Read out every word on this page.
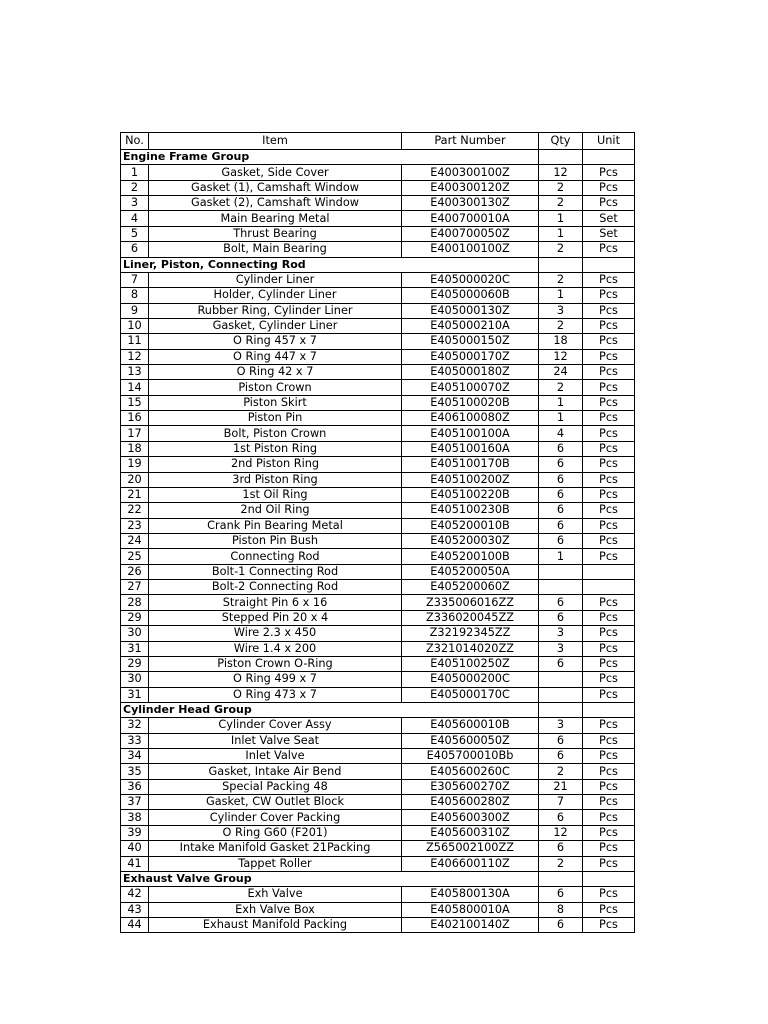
No.	Item	Part Number	Qty	Unit
Engine Frame Group				
1	Gasket, Side Cover	E400300100Z	12	Pcs
2	Gasket (1), Camshaft Window	E400300120Z	2	Pcs
3	Gasket (2), Camshaft Window	E400300130Z	2	Pcs
4	Main Bearing Metal	E400700010A	1	Set
5	Thrust Bearing	E400700050Z	1	Set
6	Bolt, Main Bearing	E400100100Z	2	Pcs
Liner, Piston, Connecting Rod				
7	Cylinder Liner	E405000020C	2	Pcs
8	Holder, Cylinder Liner	E405000060B	1	Pcs
9	Rubber Ring, Cylinder Liner	E405000130Z	3	Pcs
10	Gasket, Cylinder Liner	E405000210A	2	Pcs
11	O Ring 457 x 7	E405000150Z	18	Pcs
12	O Ring 447 x 7	E405000170Z	12	Pcs
13	O Ring 42 x 7	E405000180Z	24	Pcs
14	Piston Crown	E405100070Z	2	Pcs
15	Piston Skirt	E405100020B	1	Pcs
16	Piston Pin	E406100080Z	1	Pcs
17	Bolt, Piston Crown	E405100100A	4	Pcs
18	1st Piston Ring	E405100160A	6	Pcs
19	2nd Piston Ring	E405100170B	6	Pcs
20	3rd Piston Ring	E405100200Z	6	Pcs
21	1st Oil Ring	E405100220B	6	Pcs
22	2nd Oil Ring	E405100230B	6	Pcs
23	Crank Pin Bearing Metal	E405200010B	6	Pcs
24	Piston Pin Bush	E405200030Z	6	Pcs
25	Connecting Rod	E405200100B	1	Pcs
26	Bolt-1 Connecting Rod	E405200050A		
27	Bolt-2 Connecting Rod	E405200060Z		
28	Straight Pin 6 x 16	Z335006016ZZ	6	Pcs
29	Stepped Pin 20 x 4	Z336020045ZZ	6	Pcs
30	Wire 2.3 x 450	Z32192345ZZ	3	Pcs
31	Wire 1.4 x 200	Z321014020ZZ	3	Pcs
29	Piston Crown O-Ring	E405100250Z	6	Pcs
30	O Ring 499 x 7	E405000200C		Pcs
31	O Ring 473 x 7	E405000170C		Pcs
Cylinder Head Group				
32	Cylinder Cover Assy	E405600010B	3	Pcs
33	Inlet Valve Seat	E405600050Z	6	Pcs
34	Inlet Valve	E405700010Bb	6	Pcs
35	Gasket, Intake Air Bend	E405600260C	2	Pcs
36	Special Packing 48	E305600270Z	21	Pcs
37	Gasket, CW Outlet Block	E405600280Z	7	Pcs
38	Cylinder Cover Packing	E405600300Z	6	Pcs
39	O Ring G60 (F201)	E405600310Z	12	Pcs
40	Intake Manifold Gasket 21Packing	Z565002100ZZ	6	Pcs
41	Tappet Roller	E406600110Z	2	Pcs
Exhaust Valve Group				
42	Exh Valve	E405800130A	6	Pcs
43	Exh Valve Box	E405800010A	8	Pcs
44	Exhaust Manifold Packing	E402100140Z	6	Pcs
